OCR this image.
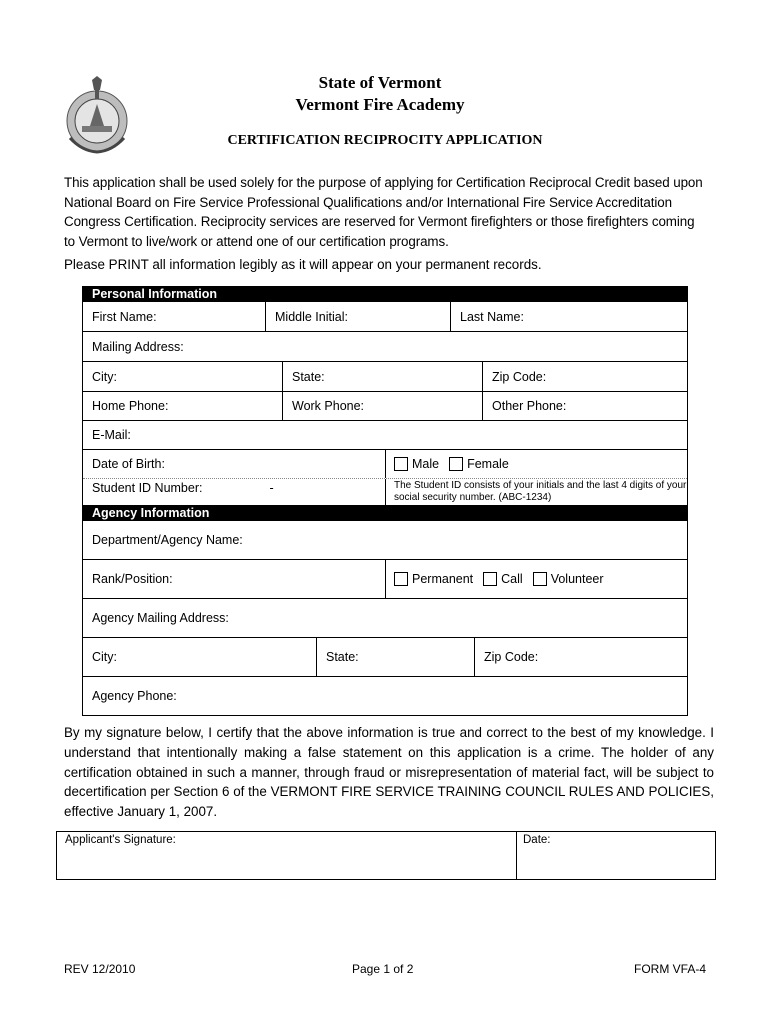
State of Vermont
Vermont Fire Academy
CERTIFICATION RECIPROCITY APPLICATION
This application shall be used solely for the purpose of applying for Certification Reciprocal Credit based upon National Board on Fire Service Professional Qualifications and/or International Fire Service Accreditation Congress Certification. Reciprocity services are reserved for Vermont firefighters or those firefighters coming to Vermont to live/work or attend one of our certification programs.
Please PRINT all information legibly as it will appear on your permanent records.
Personal Information
First Name:	Middle Initial:	Last Name:
Mailing Address:
City:	State:	Zip Code:
Home Phone:	Work Phone:	Other Phone:
E-Mail:
Date of Birth:	Male Female
Student ID Number:	-	The Student ID consists of your initials and the last 4 digits of your social security number. (ABC-1234)
Agency Information
Department/Agency Name:
Rank/Position:	Permanent Call Volunteer
Agency Mailing Address:
City:	State:	Zip Code:
Agency Phone:
By my signature below, I certify that the above information is true and correct to the best of my knowledge. I understand that intentionally making a false statement on this application is a crime. The holder of any certification obtained in such a manner, through fraud or misrepresentation of material fact, will be subject to decertification per Section 6 of the VERMONT FIRE SERVICE TRAINING COUNCIL RULES AND POLICIES, effective January 1, 2007.
Applicant's Signature:	Date:
REV 12/2010	Page 1 of 2	FORM VFA-4
